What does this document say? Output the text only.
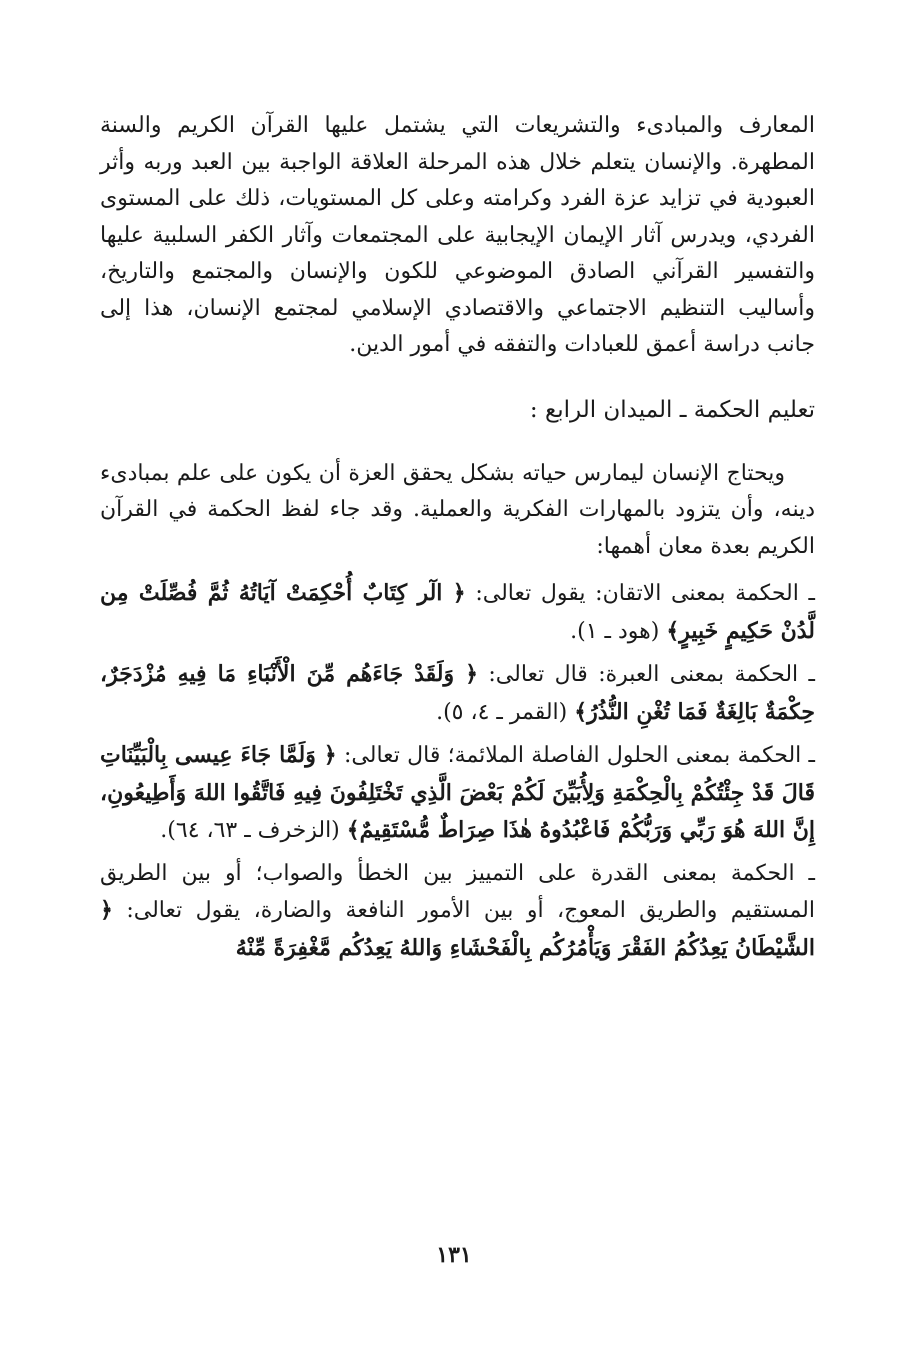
المعارف والمبادىء والتشريعات التي يشتمل عليها القرآن الكريم والسنة المطهرة. والإنسان يتعلم خلال هذه المرحلة العلاقة الواجبة بين العبد وربه وأثر العبودية في تزايد عزة الفرد وكرامته وعلى كل المستويات، ذلك على المستوى الفردي، ويدرس آثار الإيمان الإيجابية على المجتمعات وآثار الكفر السلبية عليها والتفسير القرآني الصادق الموضوعي للكون والإنسان والمجتمع والتاريخ، وأساليب التنظيم الاجتماعي والاقتصادي الإسلامي لمجتمع الإنسان، هذا إلى جانب دراسة أعمق للعبادات والتفقه في أمور الدين.

تعليم الحكمة ـ الميدان الرابع :

ويحتاج الإنسان ليمارس حياته بشكل يحقق العزة أن يكون على علم بمبادىء دينه، وأن يتزود بالمهارات الفكرية والعملية. وقد جاء لفظ الحكمة في القرآن الكريم بعدة معان أهمها:

ـ الحكمة بمعنى الاتقان: يقول تعالى: ﴿ الٓر كِتَابٌ أُحْكِمَتْ آيَاتُهُ ثُمَّ فُصِّلَتْ مِن لَّدُنْ حَكِيمٍ خَبِيرٍ﴾ (هود ـ ١).

ـ الحكمة بمعنى العبرة: قال تعالى: ﴿ وَلَقَدْ جَاءَهُم مِّنَ الْأَنْبَاءِ مَا فِيهِ مُزْدَجَرٌ، حِكْمَةٌ بَالِغَةٌ فَمَا تُغْنِ النُّذُرُ﴾ (القمر ـ ٤، ٥).

ـ الحكمة بمعنى الحلول الفاصلة الملائمة؛ قال تعالى: ﴿ وَلَمَّا جَاءَ عِيسى بِالْبَيِّنَاتِ قَالَ قَدْ جِئْتُكُمْ بِالْحِكْمَةِ وَلِأُبَيِّنَ لَكُمْ بَعْضَ الَّذِي تَخْتَلِفُونَ فِيهِ فَاتَّقُوا اللهَ وَأَطِيعُونِ، إِنَّ اللهَ هُوَ رَبِّي وَرَبُّكُمْ فَاعْبُدُوهُ هٰذَا صِرَاطٌ مُّسْتَقِيمٌ﴾ (الزخرف ـ ٦٣، ٦٤).

ـ الحكمة بمعنى القدرة على التمييز بين الخطأ والصواب؛ أو بين الطريق المستقيم والطريق المعوج، أو بين الأمور النافعة والضارة، يقول تعالى: ﴿ الشَّيْطَانُ يَعِدُكُمُ الفَقْرَ وَيَأْمُرُكُم بِالْفَحْشَاءِ وَاللهُ يَعِدُكُم مَّغْفِرَةً مِّنْهُ

١٣١
